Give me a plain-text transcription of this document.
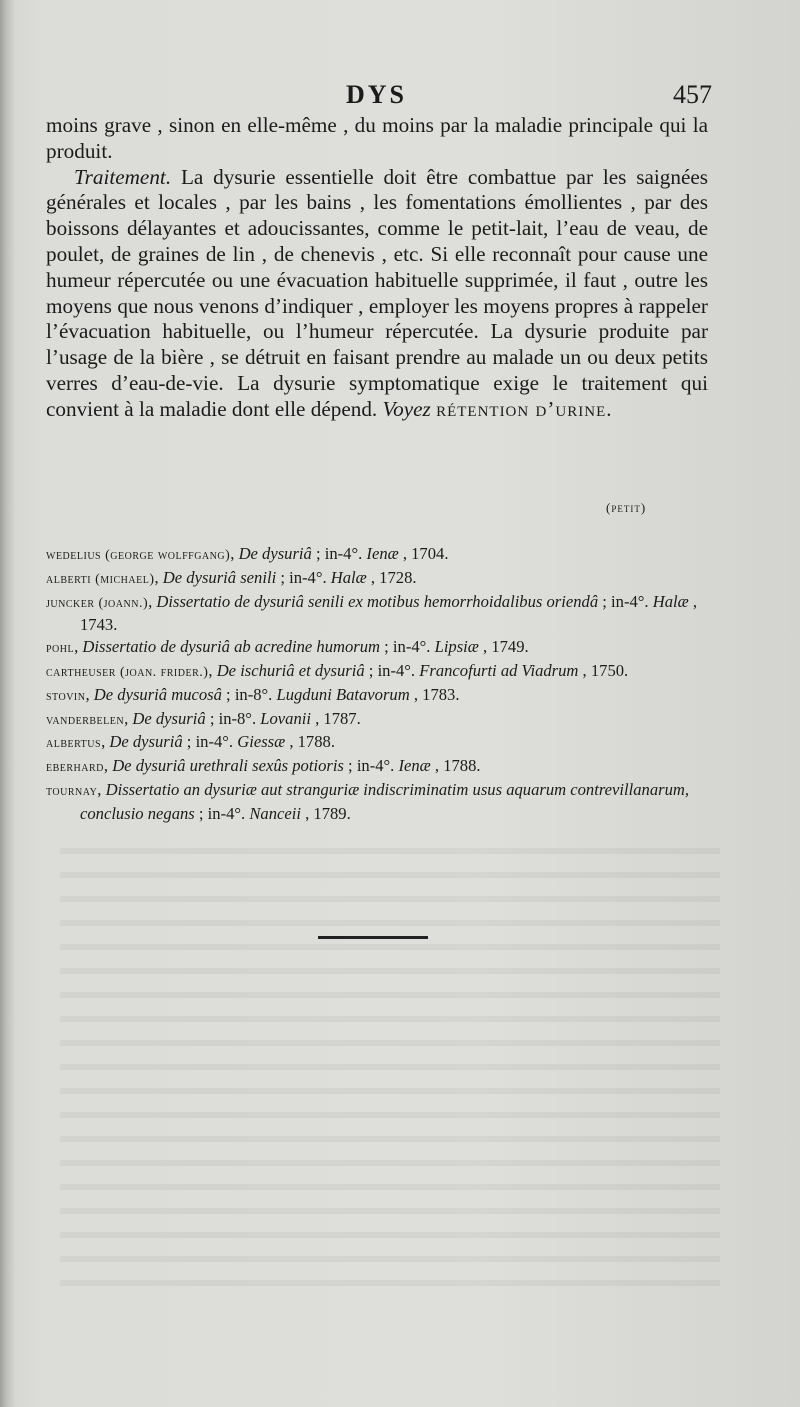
DYS	457

moins grave , sinon en elle-même , du moins par la maladie principale qui la produit.

Traitement. La dysurie essentielle doit être combattue par les saignées générales et locales , par les bains , les fomentations émollientes , par des boissons délayantes et adoucissantes, comme le petit-lait, l’eau de veau, de poulet, de graines de lin , de chenevis , etc. Si elle reconnaît pour cause une humeur répercutée ou une évacuation habituelle supprimée, il faut , outre les moyens que nous venons d’indiquer , employer les moyens propres à rappeler l’évacuation habituelle, ou l’humeur répercutée. La dysurie produite par l’usage de la bière , se détruit en faisant prendre au malade un ou deux petits verres d’eau-de-vie. La dysurie symptomatique exige le traitement qui convient à la maladie dont elle dépend. Voyez rétention d’urine.

(petit)

wedelius (george wolffgang), De dysuriâ ; in-4°. Ienæ , 1704.

alberti (michael), De dysuriâ senili ; in-4°. Halæ , 1728.

juncker (joann.), Dissertatio de dysuriâ senili ex motibus hemorrhoidalibus oriendâ ; in-4°. Halæ , 1743.

pohl, Dissertatio de dysuriâ ab acredine humorum ; in-4°. Lipsiæ , 1749.

cartheuser (joan. frider.), De ischuriâ et dysuriâ ; in-4°. Francofurti ad Viadrum , 1750.

stovin, De dysuriâ mucosâ ; in-8°. Lugduni Batavorum , 1783.

vanderbelen, De dysuriâ ; in-8°. Lovanii , 1787.

albertus, De dysuriâ ; in-4°. Giessæ , 1788.

eberhard, De dysuriâ urethrali sexûs potioris ; in-4°. Ienæ , 1788.

tournay, Dissertatio an dysuriæ aut stranguriæ indiscriminatim usus aquarum contrevillanarum, conclusio negans ; in-4°. Nanceii , 1789.
